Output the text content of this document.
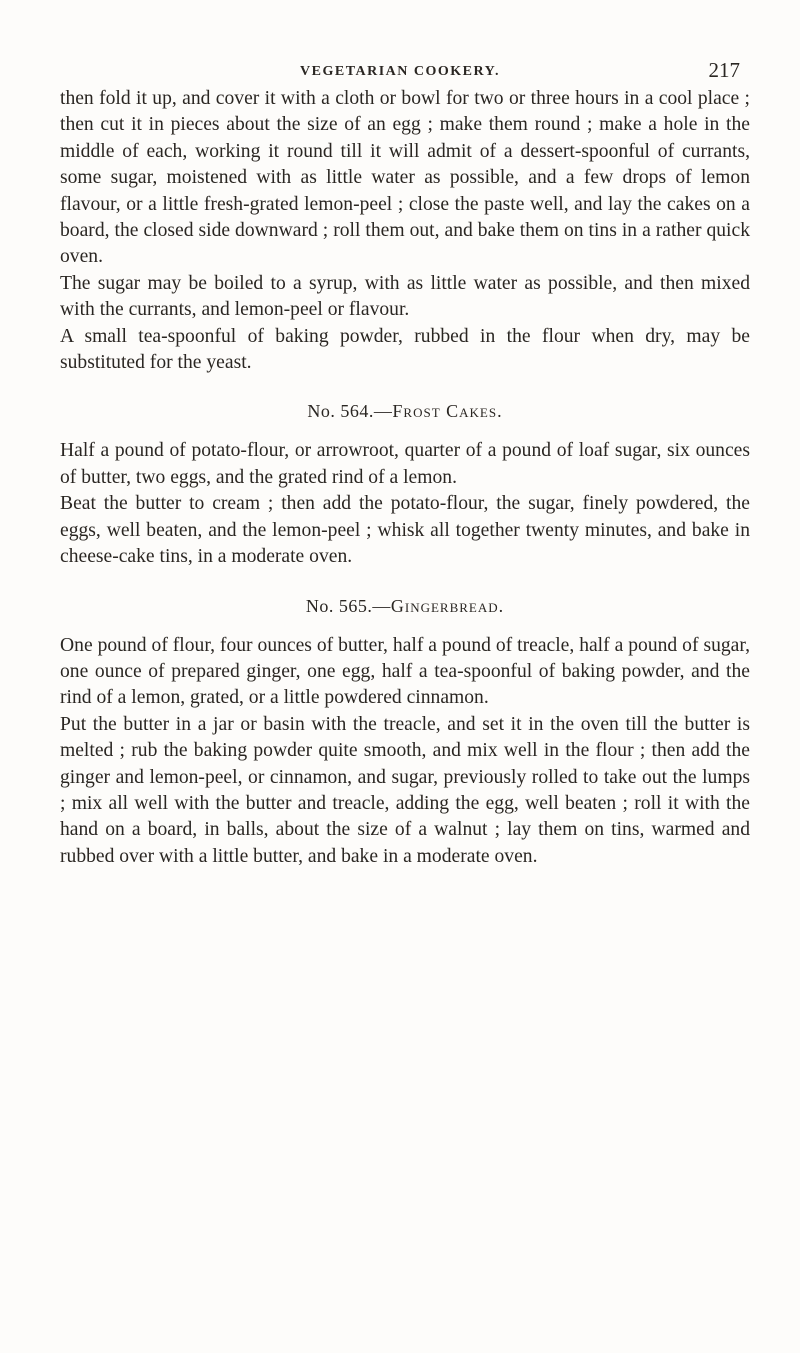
VEGETARIAN COOKERY.	217

then fold it up, and cover it with a cloth or bowl for two or three hours in a cool place ; then cut it in pieces about the size of an egg ; make them round ; make a hole in the middle of each, working it round till it will admit of a dessert-spoonful of currants, some sugar, moistened with as little water as possible, and a few drops of lemon flavour, or a little fresh-grated lemon-peel ; close the paste well, and lay the cakes on a board, the closed side downward ; roll them out, and bake them on tins in a rather quick oven.

The sugar may be boiled to a syrup, with as little water as possible, and then mixed with the currants, and lemon-peel or flavour.

A small tea-spoonful of baking powder, rubbed in the flour when dry, may be substituted for the yeast.

No. 564.—Frost Cakes.

Half a pound of potato-flour, or arrowroot, quarter of a pound of loaf sugar, six ounces of butter, two eggs, and the grated rind of a lemon.

Beat the butter to cream ; then add the potato-flour, the sugar, finely powdered, the eggs, well beaten, and the lemon-peel ; whisk all together twenty minutes, and bake in cheese-cake tins, in a moderate oven.

No. 565.—Gingerbread.

One pound of flour, four ounces of butter, half a pound of treacle, half a pound of sugar, one ounce of prepared ginger, one egg, half a tea-spoonful of baking powder, and the rind of a lemon, grated, or a little powdered cinnamon.

Put the butter in a jar or basin with the treacle, and set it in the oven till the butter is melted ; rub the baking powder quite smooth, and mix well in the flour ; then add the ginger and lemon-peel, or cinnamon, and sugar, previously rolled to take out the lumps ; mix all well with the butter and treacle, adding the egg, well beaten ; roll it with the hand on a board, in balls, about the size of a walnut ; lay them on tins, warmed and rubbed over with a little butter, and bake in a moderate oven.
